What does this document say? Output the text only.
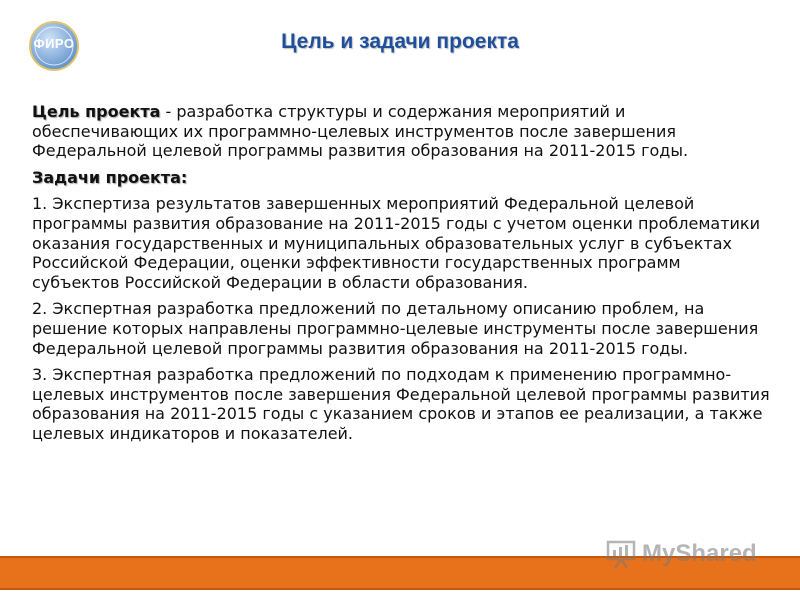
ФИРО	Цель и задачи проекта

Цель проекта - разработка структуры и содержания мероприятий и обеспечивающих их программно-целевых инструментов после завершения Федеральной целевой программы развития образования на 2011-2015 годы.

Задачи проекта:

1. Экспертиза результатов завершенных мероприятий Федеральной целевой программы развития образование на 2011-2015 годы с учетом оценки проблематики оказания государственных и муниципальных образовательных услуг в субъектах Российской Федерации, оценки эффективности государственных программ субъектов Российской Федерации в области образования.

2. Экспертная разработка предложений по детальному описанию проблем, на решение которых направлены программно-целевые инструменты после завершения Федеральной целевой программы развития образования на 2011-2015 годы.

3. Экспертная разработка предложений по подходам к применению программно-целевых инструментов после завершения Федеральной целевой программы развития образования на 2011-2015 годы с указанием сроков и этапов ее реализации, а также целевых индикаторов и показателей.

MyShared
